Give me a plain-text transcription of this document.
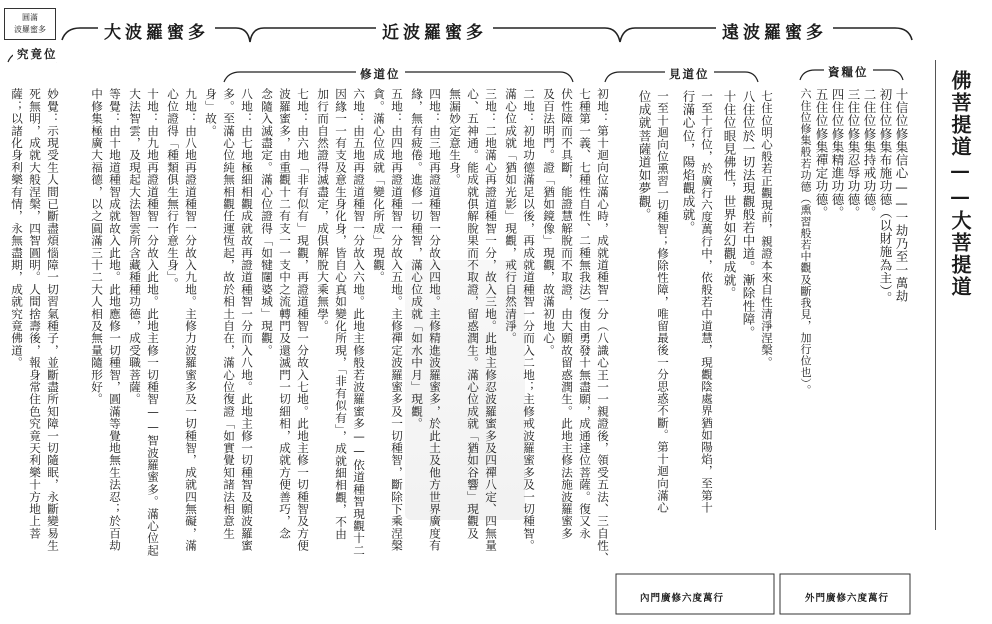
佛菩提道——大菩提道
圓滿
波羅蜜多	遠波羅蜜多
近波羅蜜多
大波羅蜜多
資糧位
見道位
修道位
究竟位
十信位修集信心——一劫乃至一萬劫
初住位修集布施功德（以財施為主）。
二住位修集持戒功德。
三住位修集忍辱功德。
四住位修集精進功德。
五住位修集禪定功德。
六住位修集般若功德（熏習般若中觀及斷我見，加行位也）。
外門廣修六度萬行
七住位明心般若正觀現前，親證本來自性清淨涅槃。
八住位於一切法現觀般若中道。漸除性障。
十住位眼見佛性，世界如幻觀成就。
一至十行位，於廣行六度萬行中，依般若中道慧，現觀陰處界猶如陽焰，至第十
行滿心位，陽焰觀成就。
一至十迴向位熏習一切種智；修除性障，唯留最後一分思惑不斷。第十迴向滿心
位成就菩薩道如夢觀。
內門廣修六度萬行
初地：第十迴向位滿心時，成就道種智一分（八識心王一一親證後，領受五法、三自性、
七種第一義、七種性自性、二種無我法）復由勇發十無盡願，成通達位菩薩。復又永
伏性障而不具斷，能證慧解脫而不取證，由大願故留惑潤生。此地主修法施波羅蜜多
及百法明門。證「猶如鏡像」現觀，故滿初地心。
二地：初地功德滿足以後，再成就道種智一分而入二地；主修戒波羅蜜多及一切種智。
滿心位成就「猶如光影」現觀，戒行自然清淨。
三地：二地滿心再證道種智一分，故入三地。此地主修忍波羅蜜多及四禪八定、四無量
心、五神通。能成就俱解脫果而不取證，留惑潤生。滿心位成就「猶如谷響」現觀及
無漏妙定意生身。
四地：由三地再證道種智一分故入四地。主修精進波羅蜜多，於此土及他方世界廣度有
緣，無有疲倦。進修一切種智，滿心位成就「如水中月」現觀。
五地：由四地再證道種智一分故入五地。主修禪定波羅蜜多及一切種智，斷除下乘涅槃
貪。滿心位成就「變化所成」現觀。
六地：由五地再證道種智一分故入六地。此地主修般若波羅蜜多——依道種智現觀十二
因緣一一有支及意生身化身，皆自心真如變化所現，「非有似有」，成就細相觀，不由
加行而自然證得滅盡定，成俱解脫大乘無學。
七地：由六地「非有似有」現觀，再證道種智一分故入七地。此地主修一切種智及方便
波羅蜜多，由重觀十二有支一一支中之流轉門及還滅門一切細相，成就方便善巧，念
念隨入滅盡定。滿心位證得「如犍闥婆城」現觀。
八地：由七地極細相觀成就故再證道種智一分而入八地。此地主修一切種智及願波羅蜜
多。至滿心位純無相觀任運恆起，故於相土自在，滿心位復證「如實覺知諸法相意生
身」故。
九地：由八地再證道種智一分故入九地。主修力波羅蜜多及一切種智，成就四無礙，滿
心位證得「種類俱生無行作意生身」。
十地：由九地再證道種智一分故入此地。此地主修一切種智——智波羅蜜多。滿心位起
大法智雲，及現起大法智雲所含藏種種功德，成受職菩薩。
等覺：由十地道種智成就故入此地。此地應修一切種智，圓滿等覺地無生法忍；於百劫
中修集極廣大福德，以之圓滿三十二大人相及無量隨形好。
妙覺：示現受生人間已斷盡煩惱障一切習氣種子，並斷盡所知障一切隨眠，永斷變易生
死無明，成就大般涅槃，四智圓明。人間捨壽後，報身常住色究竟天利樂十方地上菩
薩；以諸化身利樂有情，永無盡期，成就究竟佛道。
